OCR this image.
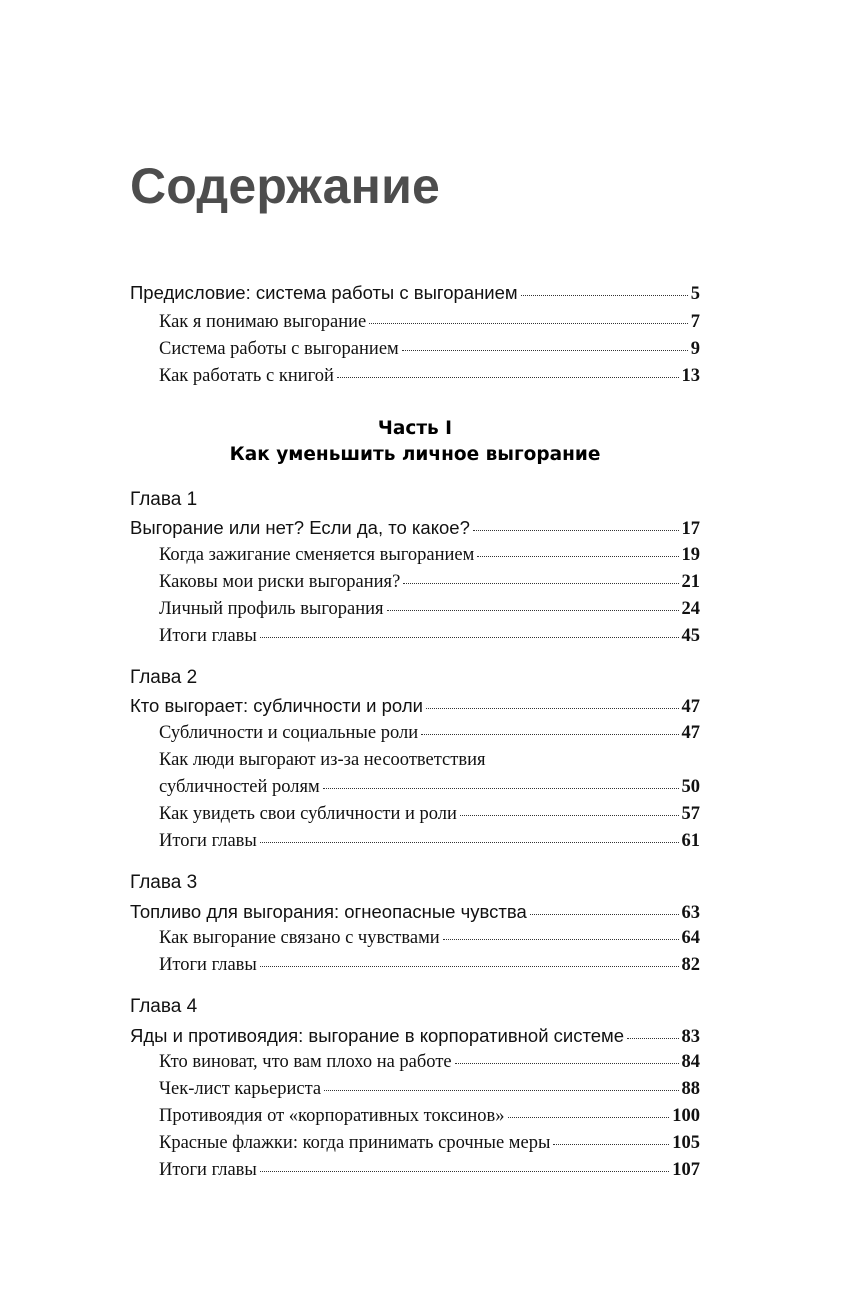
Содержание
Предисловие: система работы с выгоранием	5
Как я понимаю выгорание	7
Система работы с выгоранием	9
Как работать с книгой	13
Часть I
Как уменьшить личное выгорание
Глава 1
Выгорание или нет? Если да, то какое?	17
Когда зажигание сменяется выгоранием	19
Каковы мои риски выгорания?	21
Личный профиль выгорания	24
Итоги главы	45
Глава 2
Кто выгорает: субличности и роли	47
Субличности и социальные роли	47
Как люди выгорают из-за несоответствия
субличностей ролям	50
Как увидеть свои субличности и роли	57
Итоги главы	61
Глава 3
Топливо для выгорания: огнеопасные чувства	63
Как выгорание связано с чувствами	64
Итоги главы	82
Глава 4
Яды и противоядия: выгорание в корпоративной системе	83
Кто виноват, что вам плохо на работе	84
Чек-лист карьериста	88
Противоядия от «корпоративных токсинов»	100
Красные флажки: когда принимать срочные меры	105
Итоги главы	107
